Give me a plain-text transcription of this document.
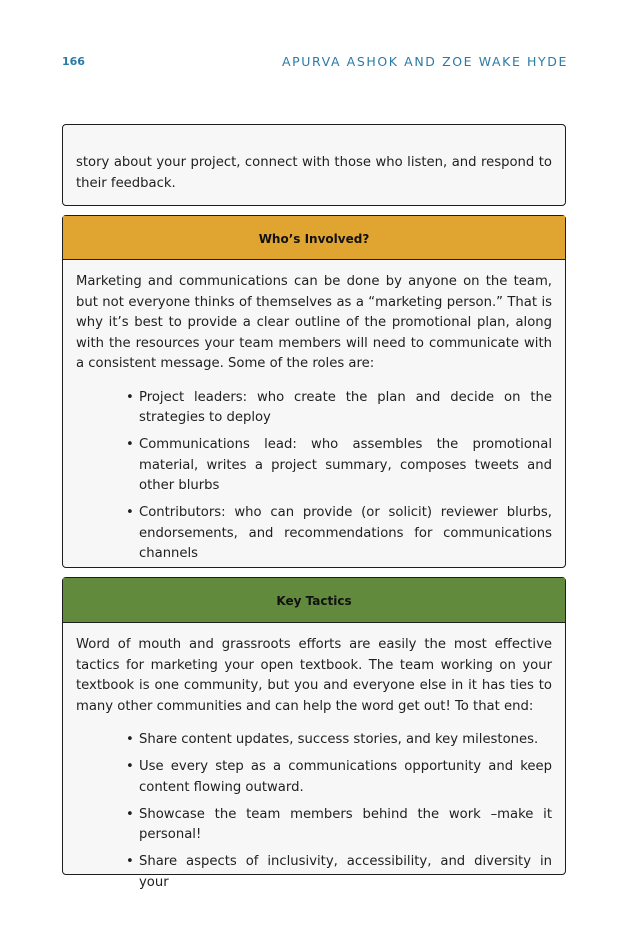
166	APURVA ASHOK AND ZOE WAKE HYDE

story about your project, connect with those who listen, and respond to their feedback.

Who’s Involved?

Marketing and communications can be done by anyone on the team, but not everyone thinks of themselves as a “marketing person.” That is why it’s best to provide a clear outline of the promotional plan, along with the resources your team members will need to communicate with a consistent message. Some of the roles are:

• Project leaders: who create the plan and decide on the strategies to deploy
• Communications lead: who assembles the promotional material, writes a project summary, composes tweets and other blurbs
• Contributors: who can provide (or solicit) reviewer blurbs, endorsements, and recommendations for communications channels
Key Tactics

Word of mouth and grassroots efforts are easily the most effective tactics for marketing your open textbook. The team working on your textbook is one community, but you and everyone else in it has ties to many other communities and can help the word get out! To that end:

• Share content updates, success stories, and key milestones.
• Use every step as a communications opportunity and keep content flowing outward.
• Showcase the team members behind the work –make it personal!
• Share aspects of inclusivity, accessibility, and diversity in your
